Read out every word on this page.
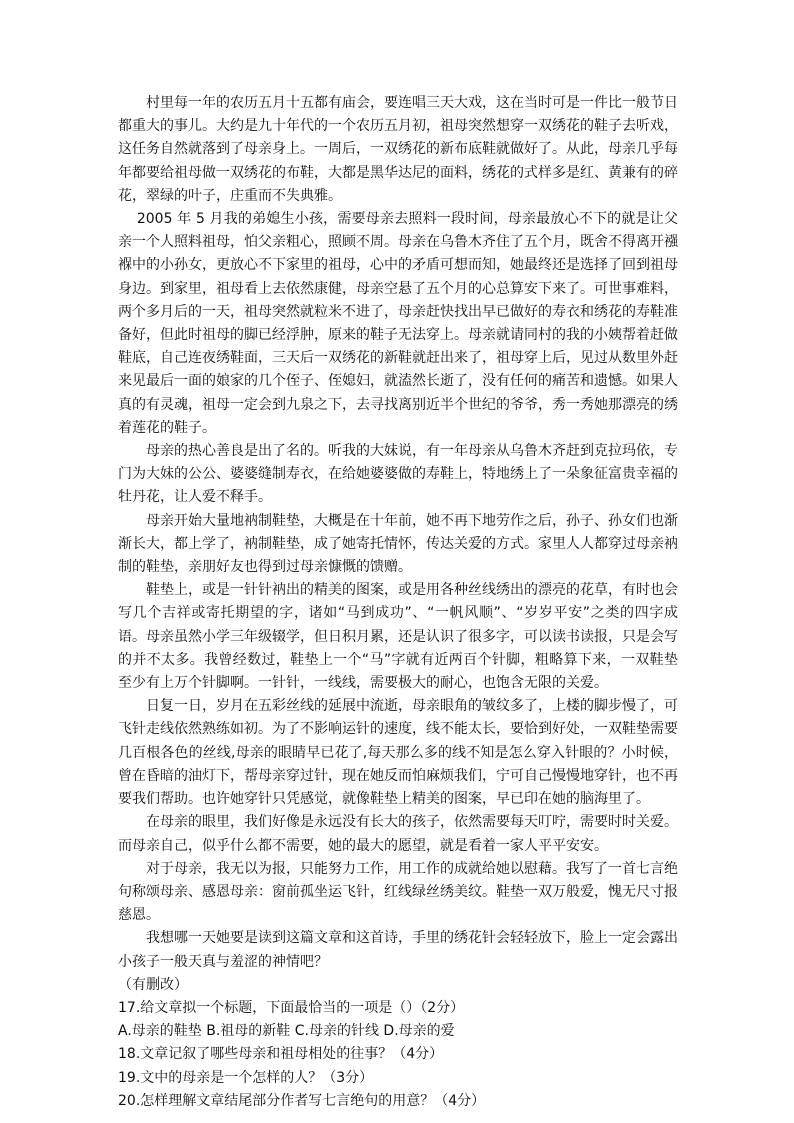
　　村里每一年的农历五月十五都有庙会，要连唱三天大戏，这在当时可是一件比一般节日都重大的事儿。大约是九十年代的一个农历五月初，祖母突然想穿一双绣花的鞋子去听戏，这任务自然就落到了母亲身上。一周后，一双绣花的新布底鞋就做好了。从此，母亲几乎每年都要给祖母做一双绣花的布鞋，大都是黑华达尼的面料，绣花的式样多是红、黄兼有的碎花，翠绿的叶子，庄重而不失典雅。

　 2005 年 5 月我的弟媳生小孩，需要母亲去照料一段时间，母亲最放心不下的就是让父亲一个人照料祖母，怕父亲粗心，照顾不周。母亲在乌鲁木齐住了五个月，既舍不得离开襁褓中的小孙女，更放心不下家里的祖母，心中的矛盾可想而知，她最终还是选择了回到祖母身边。到家里，祖母看上去依然康健，母亲空悬了五个月的心总算安下来了。可世事难料，两个多月后的一天，祖母突然就粒米不进了，母亲赶快找出早已做好的寿衣和绣花的寿鞋准备好，但此时祖母的脚已经浮肿，原来的鞋子无法穿上。母亲就请同村的我的小姨帮着赶做鞋底，自己连夜绣鞋面，三天后一双绣花的新鞋就赶出来了，祖母穿上后，见过从数里外赶来见最后一面的娘家的几个侄子、侄媳妇，就溘然长逝了，没有任何的痛苦和遗憾。如果人真的有灵魂，祖母一定会到九泉之下，去寻找离别近半个世纪的爷爷，秀一秀她那漂亮的绣着莲花的鞋子。

　　母亲的热心善良是出了名的。听我的大妹说，有一年母亲从乌鲁木齐赶到克拉玛依，专门为大妹的公公、婆婆缝制寿衣，在给她婆婆做的寿鞋上，特地绣上了一朵象征富贵幸福的牡丹花，让人爱不释手。

　　母亲开始大量地衲制鞋垫，大概是在十年前，她不再下地劳作之后，孙子、孙女们也渐渐长大，都上学了，衲制鞋垫，成了她寄托情怀，传达关爱的方式。家里人人都穿过母亲衲制的鞋垫，亲朋好友也得到过母亲慷慨的馈赠。

　　鞋垫上，或是一针针衲出的精美的图案，或是用各种丝线绣出的漂亮的花草，有时也会写几个吉祥或寄托期望的字，诸如“马到成功”、“一帆风顺”、“岁岁平安”之类的四字成语。母亲虽然小学三年级辍学，但日积月累，还是认识了很多字，可以读书读报，只是会写的并不太多。我曾经数过，鞋垫上一个“马”字就有近两百个针脚，粗略算下来，一双鞋垫至少有上万个针脚啊。一针针，一线线，需要极大的耐心，也饱含无限的关爱。

　　日复一日，岁月在五彩丝线的延展中流逝，母亲眼角的皱纹多了，上楼的脚步慢了，可飞针走线依然熟练如初。为了不影响运针的速度，线不能太长，要恰到好处，一双鞋垫需要几百根各色的丝线,母亲的眼睛早已花了,每天那么多的线不知是怎么穿入针眼的？小时候，曾在昏暗的油灯下，帮母亲穿过针，现在她反而怕麻烦我们，宁可自己慢慢地穿针，也不再要我们帮助。也许她穿针只凭感觉，就像鞋垫上精美的图案，早已印在她的脑海里了。

　　在母亲的眼里，我们好像是永远没有长大的孩子，依然需要每天叮咛，需要时时关爱。而母亲自己，似乎什么都不需要，她的最大的愿望，就是看着一家人平平安安。

　　对于母亲，我无以为报，只能努力工作，用工作的成就给她以慰藉。我写了一首七言绝句称颂母亲、感恩母亲：窗前孤坐运飞针，红线绿丝绣美纹。鞋垫一双万般爱，愧无尺寸报慈恩。

　　我想哪一天她要是读到这篇文章和这首诗，手里的绣花针会轻轻放下，脸上一定会露出小孩子一般天真与羞涩的神情吧？

（有删改）

17.给文章拟一个标题，下面最恰当的一项是（）（2分）

A.母亲的鞋垫 B.祖母的新鞋 C.母亲的针线 D.母亲的爱

18.文章记叙了哪些母亲和祖母相处的往事？（4分）

19.文中的母亲是一个怎样的人？（3分）

20.怎样理解文章结尾部分作者写七言绝句的用意？（4分）
